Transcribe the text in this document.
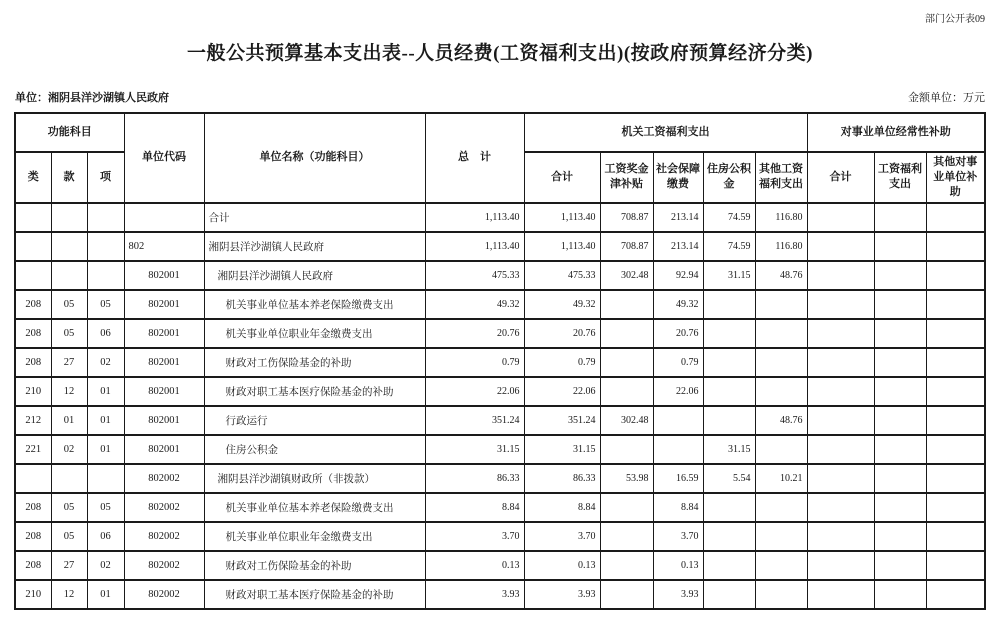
部门公开表09
一般公共预算基本支出表--人员经费(工资福利支出)(按政府预算经济分类)
单位：湘阴县洋沙湖镇人民政府	金额单位：万元
功能科目			单位代码	单位名称（功能科目）	总　计	机关工资福利支出					对事业单位经常性补助		
类	款	项				合计	工资奖金津补贴	社会保障缴费	住房公积金	其他工资福利支出	合计	工资福利支出	其他对事业单位补助
				合计	1,113.40	1,113.40	708.87	213.14	74.59	116.80			
			802	湘阴县洋沙湖镇人民政府	1,113.40	1,113.40	708.87	213.14	74.59	116.80			
			802001	湘阴县洋沙湖镇人民政府	475.33	475.33	302.48	92.94	31.15	48.76			
208	05	05	802001	机关事业单位基本养老保险缴费支出	49.32	49.32		49.32					
208	05	06	802001	机关事业单位职业年金缴费支出	20.76	20.76		20.76					
208	27	02	802001	财政对工伤保险基金的补助	0.79	0.79		0.79					
210	12	01	802001	财政对职工基本医疗保险基金的补助	22.06	22.06		22.06					
212	01	01	802001	行政运行	351.24	351.24	302.48			48.76			
221	02	01	802001	住房公积金	31.15	31.15			31.15				
			802002	湘阴县洋沙湖镇财政所（非拨款）	86.33	86.33	53.98	16.59	5.54	10.21			
208	05	05	802002	机关事业单位基本养老保险缴费支出	8.84	8.84		8.84					
208	05	06	802002	机关事业单位职业年金缴费支出	3.70	3.70		3.70					
208	27	02	802002	财政对工伤保险基金的补助	0.13	0.13		0.13					
210	12	01	802002	财政对职工基本医疗保险基金的补助	3.93	3.93		3.93					
